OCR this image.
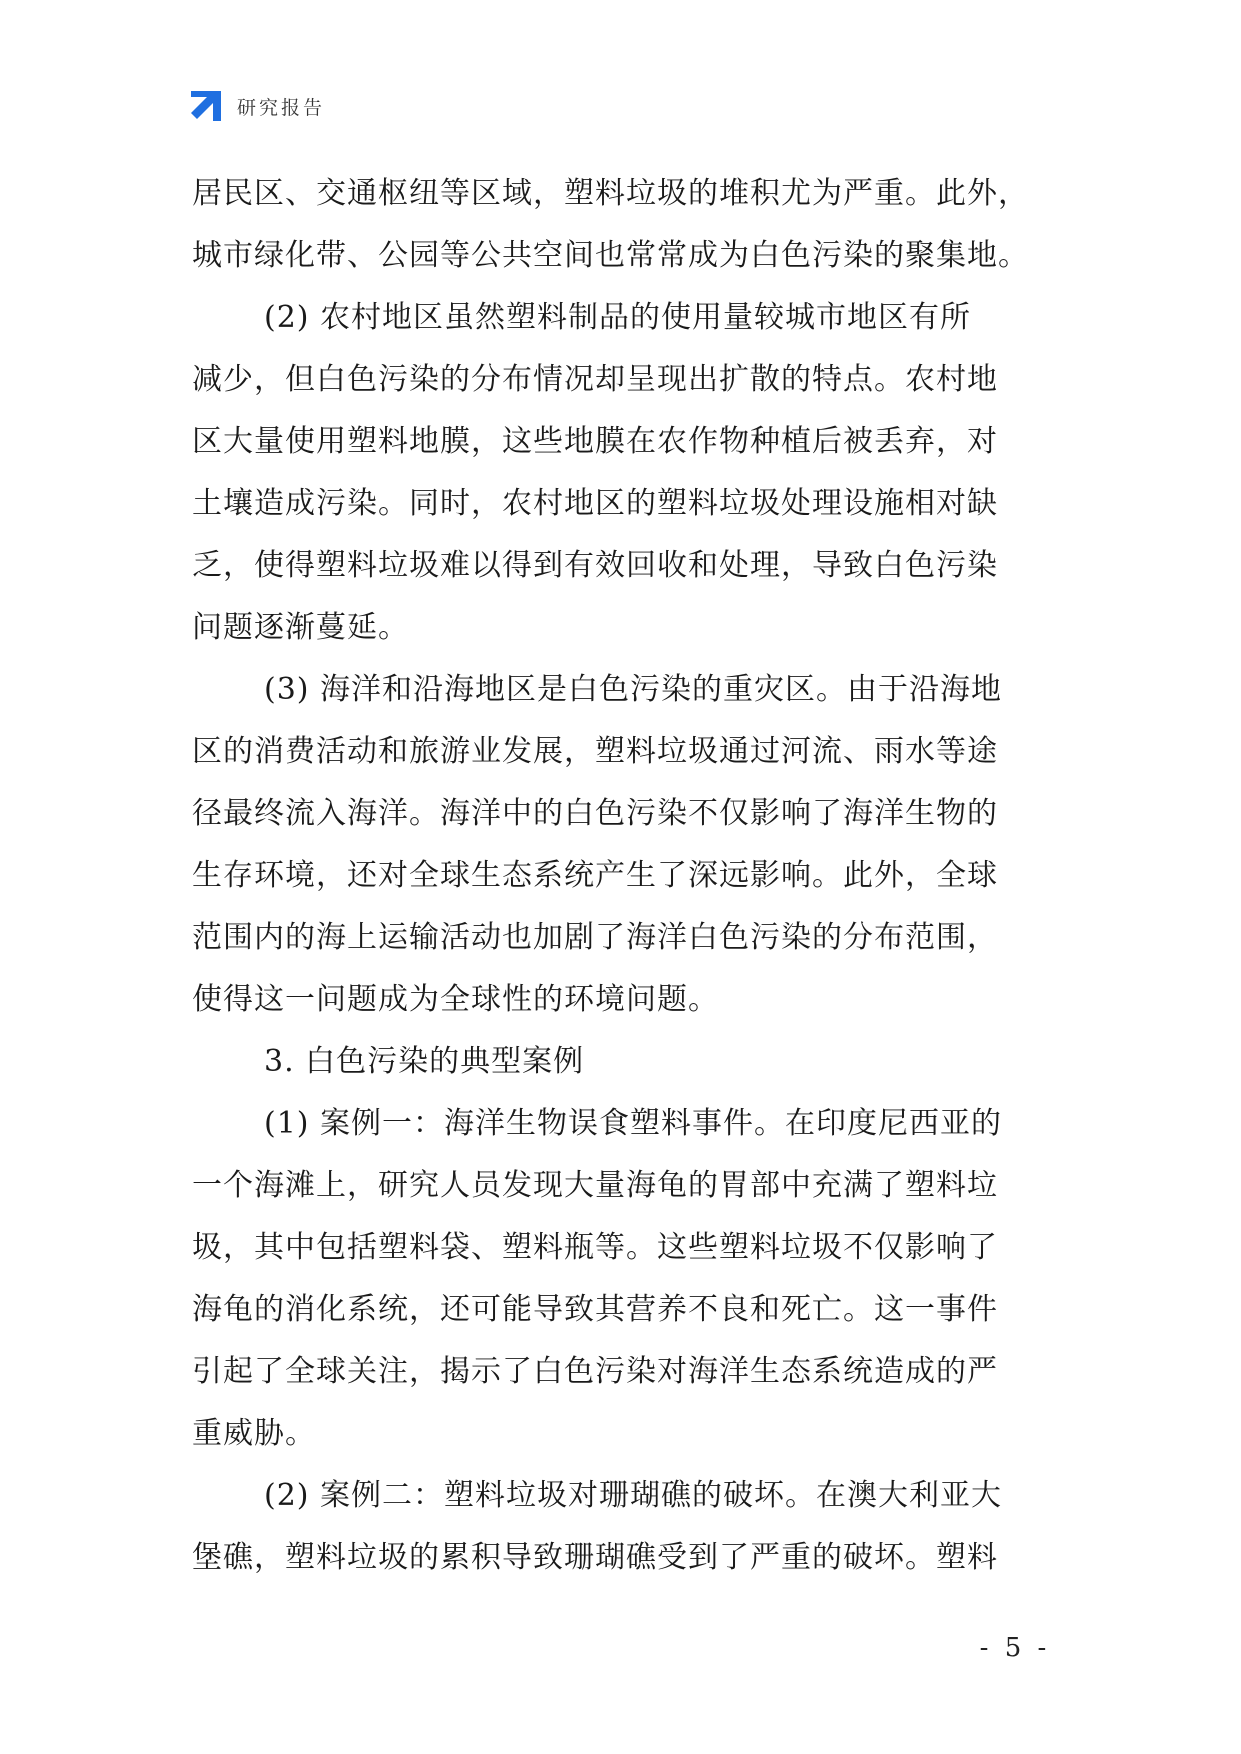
研究报告
居民区、交通枢纽等区域，塑料垃圾的堆积尤为严重。此外，
城市绿化带、公园等公共空间也常常成为白色污染的聚集地。
(2) 农村地区虽然塑料制品的使用量较城市地区有所
减少，但白色污染的分布情况却呈现出扩散的特点。农村地
区大量使用塑料地膜，这些地膜在农作物种植后被丢弃，对
土壤造成污染。同时，农村地区的塑料垃圾处理设施相对缺
乏，使得塑料垃圾难以得到有效回收和处理，导致白色污染
问题逐渐蔓延。
(3) 海洋和沿海地区是白色污染的重灾区。由于沿海地
区的消费活动和旅游业发展，塑料垃圾通过河流、雨水等途
径最终流入海洋。海洋中的白色污染不仅影响了海洋生物的
生存环境，还对全球生态系统产生了深远影响。此外，全球
范围内的海上运输活动也加剧了海洋白色污染的分布范围，
使得这一问题成为全球性的环境问题。
3. 白色污染的典型案例
(1) 案例一：海洋生物误食塑料事件。在印度尼西亚的
一个海滩上，研究人员发现大量海龟的胃部中充满了塑料垃
圾，其中包括塑料袋、塑料瓶等。这些塑料垃圾不仅影响了
海龟的消化系统，还可能导致其营养不良和死亡。这一事件
引起了全球关注，揭示了白色污染对海洋生态系统造成的严
重威胁。
(2) 案例二：塑料垃圾对珊瑚礁的破坏。在澳大利亚大
堡礁，塑料垃圾的累积导致珊瑚礁受到了严重的破坏。塑料
- 5 -
